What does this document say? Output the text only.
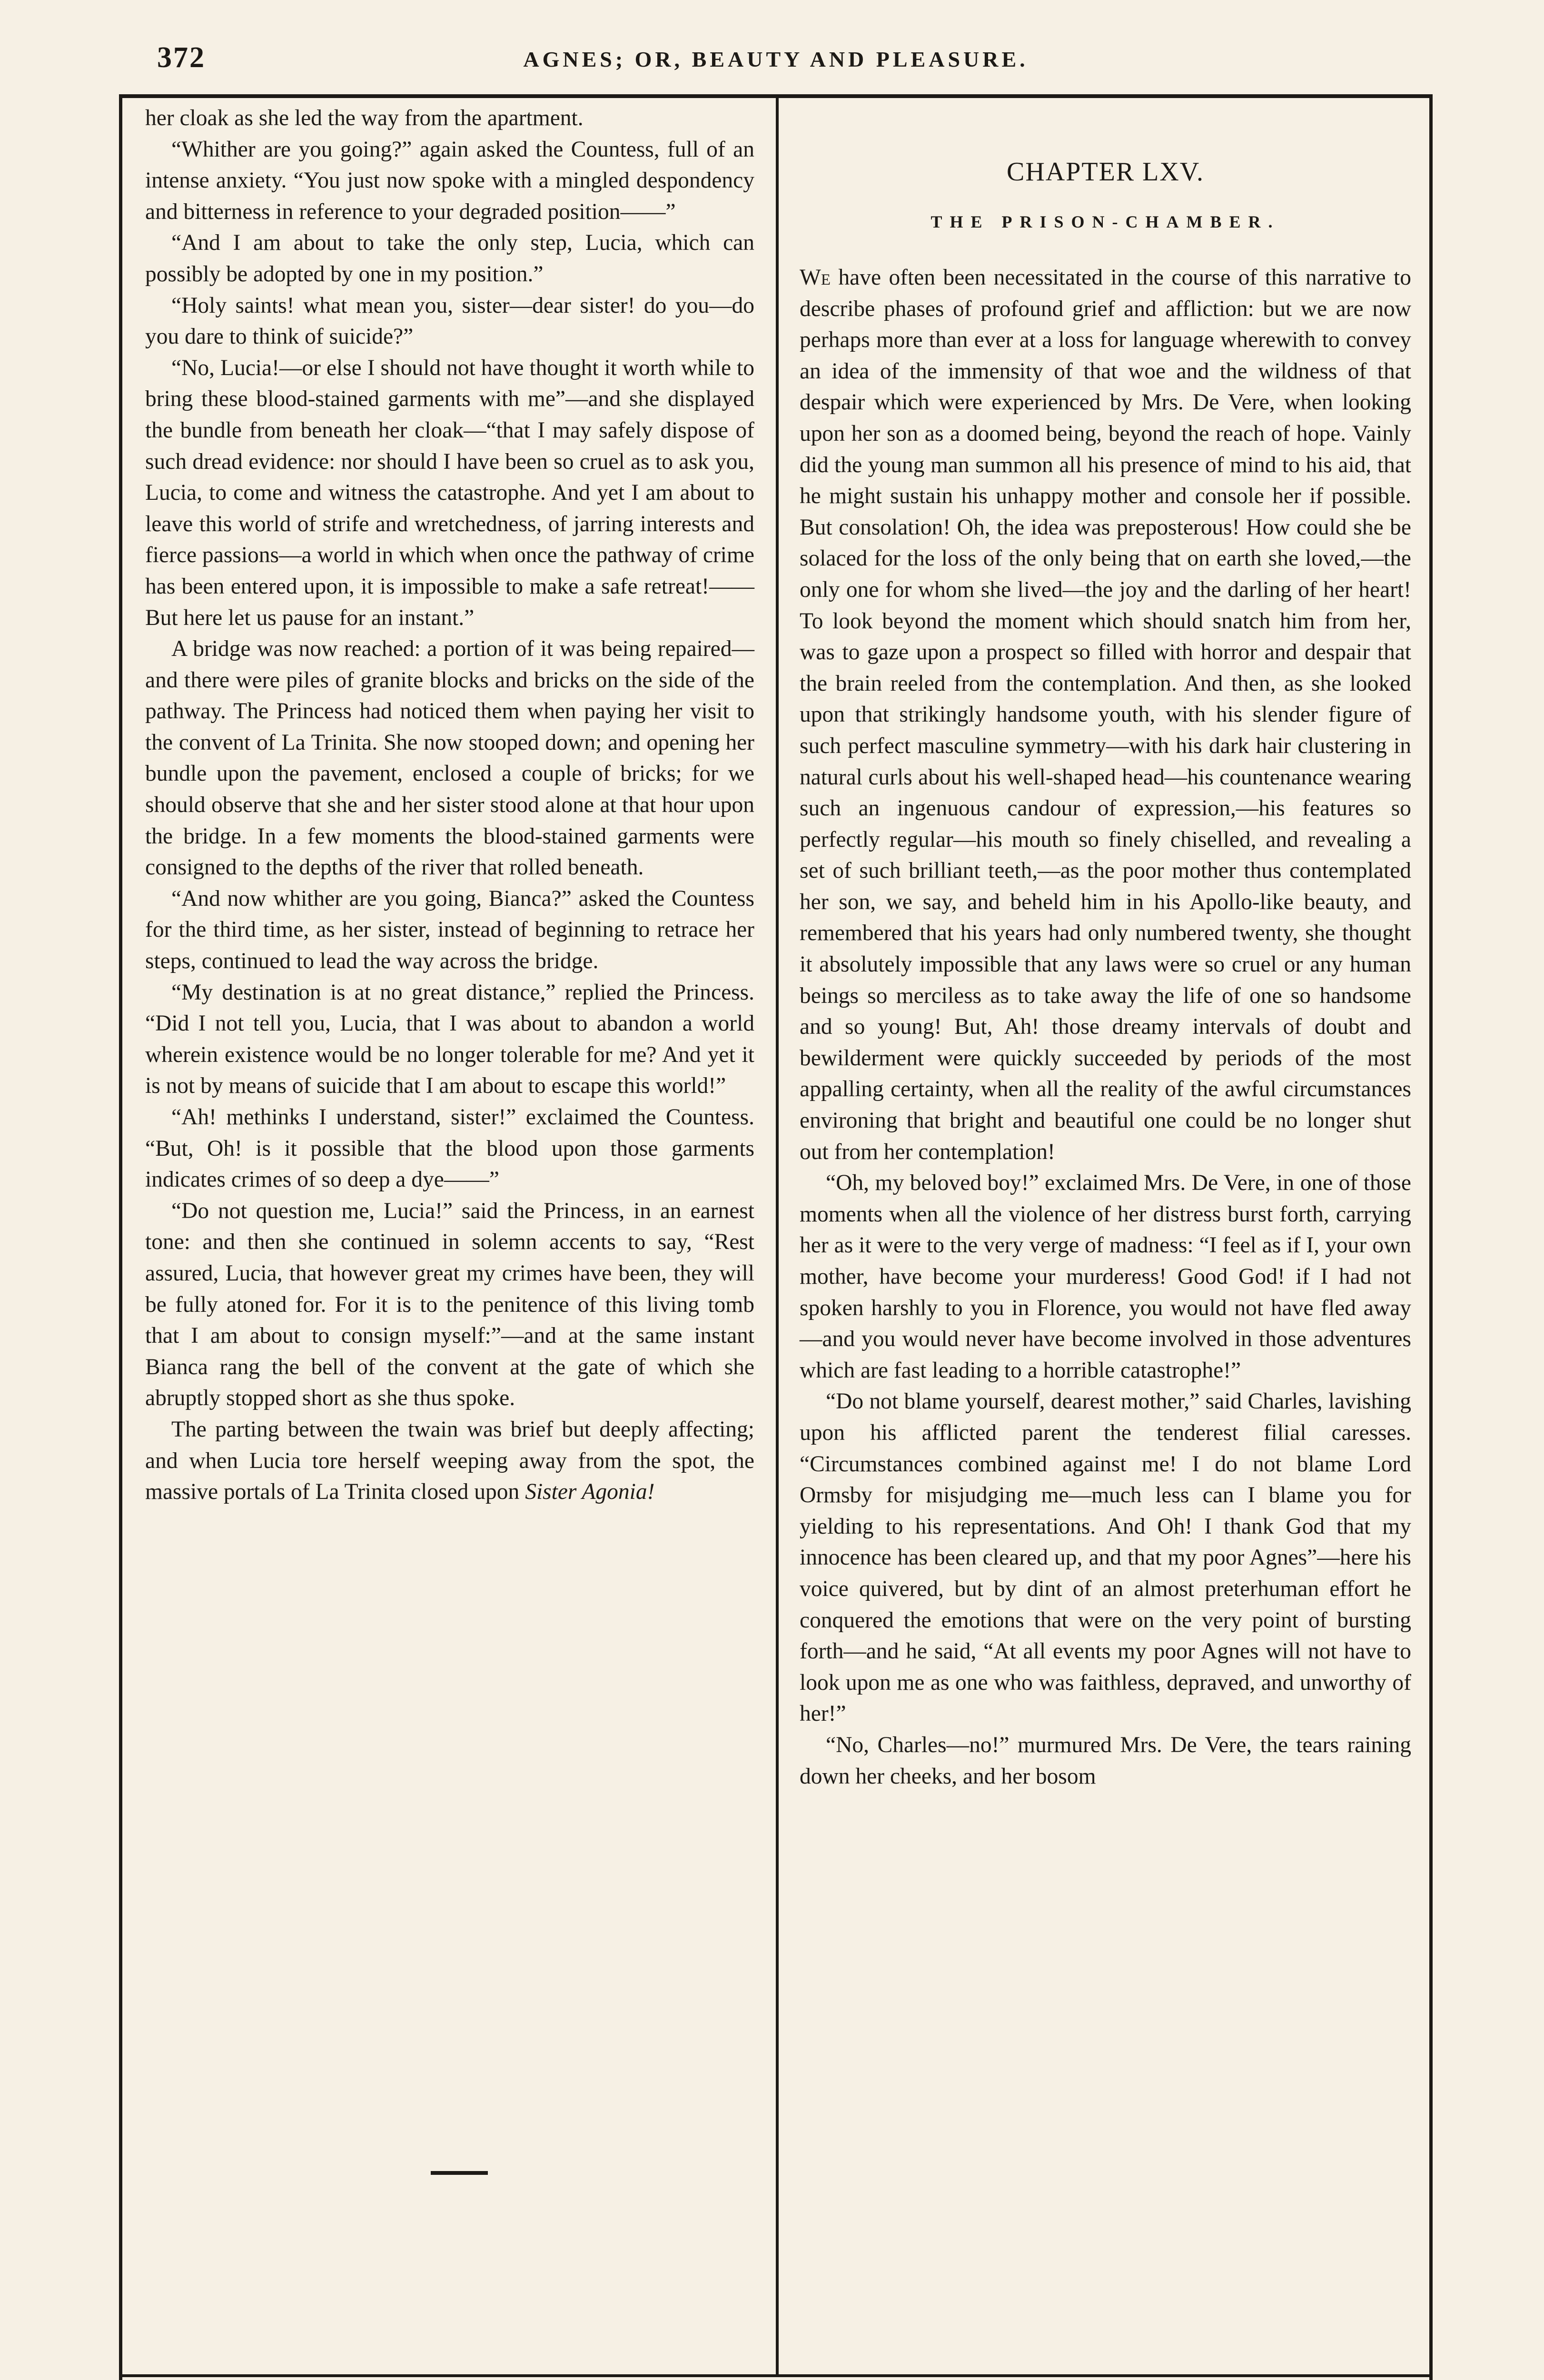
372	AGNES; OR, BEAUTY AND PLEASURE.

her cloak as she led the way from the apartment.

“Whither are you going?” again asked the Countess, full of an intense anxiety. “You just now spoke with a mingled despondency and bitterness in reference to your degraded position——”

“And I am about to take the only step, Lucia, which can possibly be adopted by one in my position.”

“Holy saints! what mean you, sister—dear sister! do you—do you dare to think of suicide?”

“No, Lucia!—or else I should not have thought it worth while to bring these blood-stained garments with me”—and she displayed the bundle from beneath her cloak—“that I may safely dispose of such dread evidence: nor should I have been so cruel as to ask you, Lucia, to come and witness the catastrophe. And yet I am about to leave this world of strife and wretchedness, of jarring interests and fierce passions—a world in which when once the pathway of crime has been entered upon, it is impossible to make a safe retreat!—— But here let us pause for an instant.”

A bridge was now reached: a portion of it was being repaired—and there were piles of granite blocks and bricks on the side of the pathway. The Princess had noticed them when paying her visit to the convent of La Trinita. She now stooped down; and opening her bundle upon the pavement, enclosed a couple of bricks; for we should observe that she and her sister stood alone at that hour upon the bridge. In a few moments the blood-stained garments were consigned to the depths of the river that rolled beneath.

“And now whither are you going, Bianca?” asked the Countess for the third time, as her sister, instead of beginning to retrace her steps, continued to lead the way across the bridge.

“My destination is at no great distance,” replied the Princess. “Did I not tell you, Lucia, that I was about to abandon a world wherein existence would be no longer tolerable for me? And yet it is not by means of suicide that I am about to escape this world!”

“Ah! methinks I understand, sister!” exclaimed the Countess. “But, Oh! is it possible that the blood upon those garments indicates crimes of so deep a dye——”

“Do not question me, Lucia!” said the Princess, in an earnest tone: and then she continued in solemn accents to say, “Rest assured, Lucia, that however great my crimes have been, they will be fully atoned for. For it is to the penitence of this living tomb that I am about to consign myself:”—and at the same instant Bianca rang the bell of the convent at the gate of which she abruptly stopped short as she thus spoke.

The parting between the twain was brief but deeply affecting; and when Lucia tore herself weeping away from the spot, the massive portals of La Trinita closed upon Sister Agonia!

CHAPTER LXV.

THE PRISON-CHAMBER.

We have often been necessitated in the course of this narrative to describe phases of profound grief and affliction: but we are now perhaps more than ever at a loss for language wherewith to convey an idea of the immensity of that woe and the wildness of that despair which were experienced by Mrs. De Vere, when looking upon her son as a doomed being, beyond the reach of hope. Vainly did the young man summon all his presence of mind to his aid, that he might sustain his unhappy mother and console her if possible. But consolation! Oh, the idea was preposterous! How could she be solaced for the loss of the only being that on earth she loved,—the only one for whom she lived—the joy and the darling of her heart! To look beyond the moment which should snatch him from her, was to gaze upon a prospect so filled with horror and despair that the brain reeled from the contemplation. And then, as she looked upon that strikingly handsome youth, with his slender figure of such perfect masculine symmetry—with his dark hair clustering in natural curls about his well-shaped head—his countenance wearing such an ingenuous candour of expression,—his features so perfectly regular—his mouth so finely chiselled, and revealing a set of such brilliant teeth,—as the poor mother thus contemplated her son, we say, and beheld him in his Apollo-like beauty, and remembered that his years had only numbered twenty, she thought it absolutely impossible that any laws were so cruel or any human beings so merciless as to take away the life of one so handsome and so young! But, Ah! those dreamy intervals of doubt and bewilderment were quickly succeeded by periods of the most appalling certainty, when all the reality of the awful circumstances environing that bright and beautiful one could be no longer shut out from her contemplation!

“Oh, my beloved boy!” exclaimed Mrs. De Vere, in one of those moments when all the violence of her distress burst forth, carrying her as it were to the very verge of madness: “I feel as if I, your own mother, have become your murderess! Good God! if I had not spoken harshly to you in Florence, you would not have fled away—and you would never have become involved in those adventures which are fast leading to a horrible catastrophe!”

“Do not blame yourself, dearest mother,” said Charles, lavishing upon his afflicted parent the tenderest filial caresses. “Circumstances combined against me! I do not blame Lord Ormsby for misjudging me—much less can I blame you for yielding to his representations. And Oh! I thank God that my innocence has been cleared up, and that my poor Agnes”—here his voice quivered, but by dint of an almost preterhuman effort he conquered the emotions that were on the very point of bursting forth—and he said, “At all events my poor Agnes will not have to look upon me as one who was faithless, depraved, and unworthy of her!”

“No, Charles—no!” murmured Mrs. De Vere, the tears raining down her cheeks, and her bosom
